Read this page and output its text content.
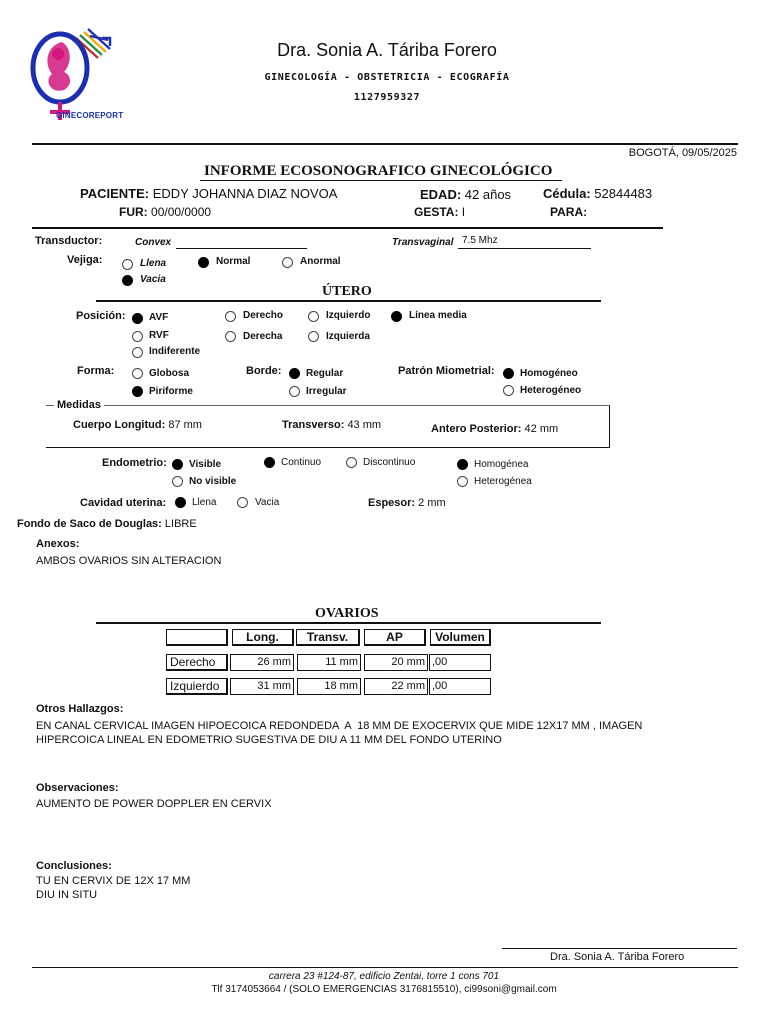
GINECOREPORT
Dra. Sonia A. Táriba Forero
GINECOLOGÍA - OBSTETRICIA - ECOGRAFÍA
1127959327
BOGOTÁ, 09/05/2025
INFORME ECOSONOGRAFICO GINECOLÓGICO
PACIENTE: EDDY JOHANNA DIAZ NOVOA	EDAD: 42 años Cédula: 52844483
FUR: 00/00/0000	GESTA: I	PARA:
Transductor:	Convex	Transvaginal 7.5 Mhz
Vejiga:	Llena	Normal	Anormal
Vacia
ÚTERO
Posición: AVF	Derecho	Izquierdo	Línea media
RVF	Derecha	Izquierda
Indiferente
Forma:	Globosa
Piriforme
Borde: Regular
Irregular
Patrón Miometrial:	Homogéneo
Heterogéneo
Medidas
Cuerpo Longitud: 87 mm	Transverso: 43 mm	Antero Posterior: 42 mm
Endometrio: Visible	Continuo	Discontinuo	Homogénea
No visible	Heterogénea
Cavidad uterina:	Llena	Vacia	Espesor: 2 mm
Fondo de Saco de Douglas: LIBRE
Anexos:
AMBOS OVARIOS SIN ALTERACION
OVARIOS
Long.	Transv.	AP	Volumen
Derecho	26 mm	11 mm	20 mm ,00
Izquierdo	31 mm	18 mm	22 mm ,00
Otros Hallazgos:
EN CANAL CERVICAL IMAGEN HIPOECOICA REDONDEDA  A  18 MM DE EXOCERVIX QUE MIDE 12X17 MM , IMAGEN
HIPERCOICA LINEAL EN EDOMETRIO SUGESTIVA DE DIU A 11 MM DEL FONDO UTERINO
Observaciones:
AUMENTO DE POWER DOPPLER EN CERVIX
Conclusiones:
TU EN CERVIX DE 12X 17 MM
DIU IN SITU
Dra. Sonia A. Táriba Forero
carrera 23 #124-87, edificio Zentai, torre 1 cons 701
Tlf 3174053664 / (SOLO EMERGENCIAS 3176815510), ci99soni@gmail.com
